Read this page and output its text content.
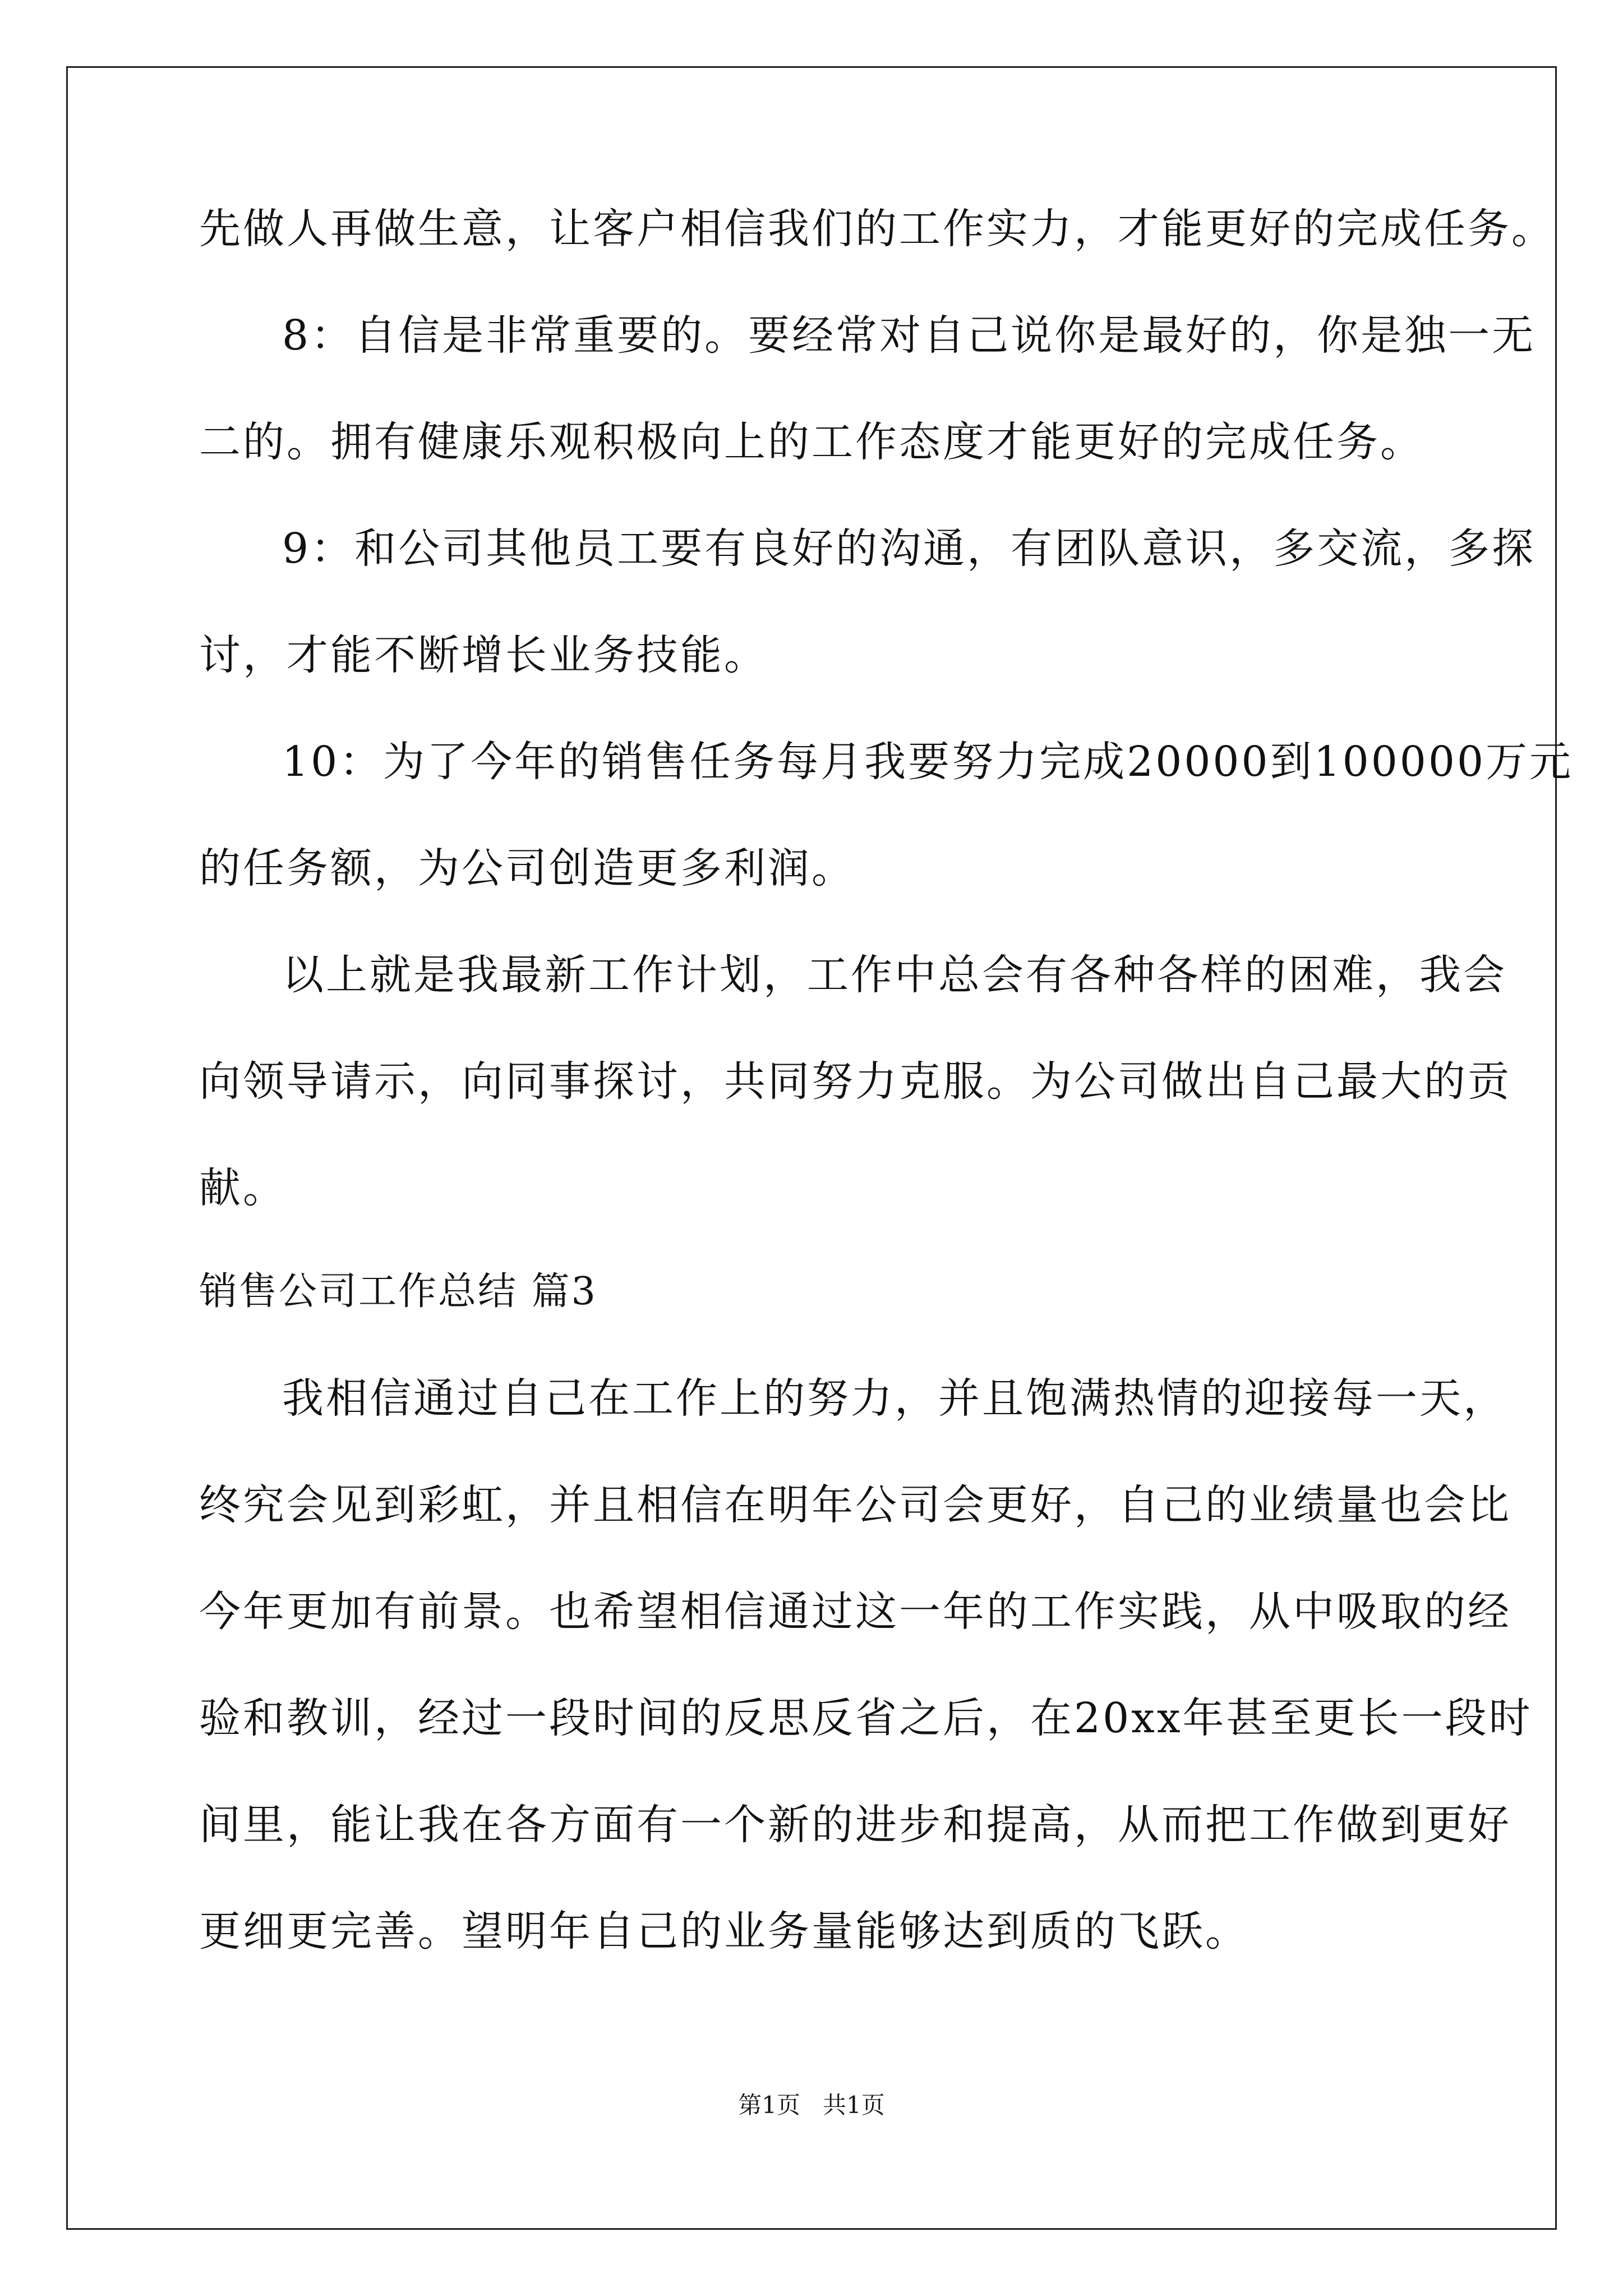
先做人再做生意，让客户相信我们的工作实力，才能更好的完成任务。
8：自信是非常重要的。要经常对自己说你是最好的，你是独一无
二的。拥有健康乐观积极向上的工作态度才能更好的完成任务。
9：和公司其他员工要有良好的沟通，有团队意识，多交流，多探
讨，才能不断增长业务技能。
10：为了今年的销售任务每月我要努力完成20000到100000万元
的任务额，为公司创造更多利润。
以上就是我最新工作计划，工作中总会有各种各样的困难，我会
向领导请示，向同事探讨，共同努力克服。为公司做出自己最大的贡
献。
销售公司工作总结 篇3
我相信通过自己在工作上的努力，并且饱满热情的迎接每一天，
终究会见到彩虹，并且相信在明年公司会更好，自己的业绩量也会比
今年更加有前景。也希望相信通过这一年的工作实践，从中吸取的经
验和教训，经过一段时间的反思反省之后，在20xx年甚至更长一段时
间里，能让我在各方面有一个新的进步和提高，从而把工作做到更好
更细更完善。望明年自己的业务量能够达到质的飞跃。
第1页 共1页
